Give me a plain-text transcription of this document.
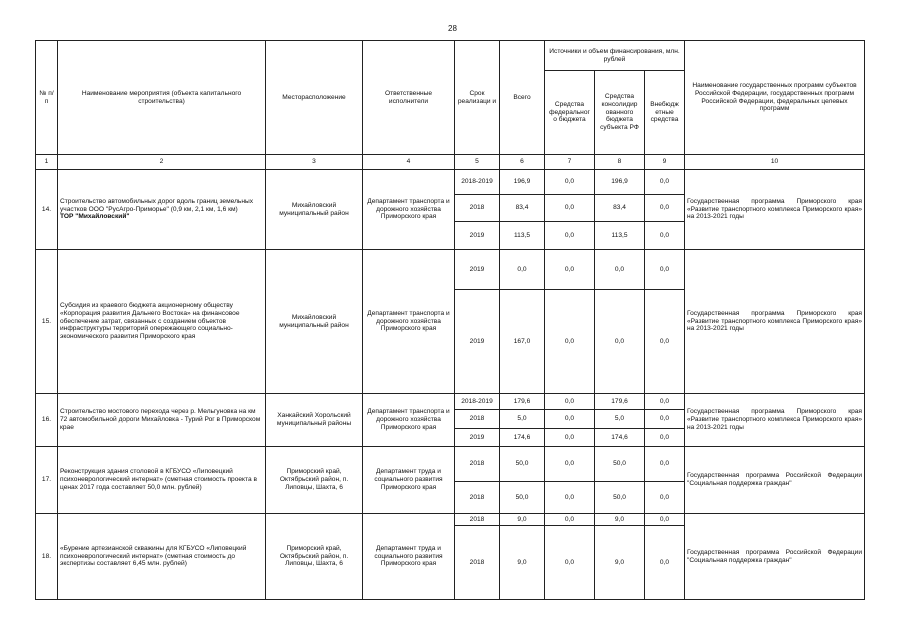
28
№ п/п	Наименование мероприятия (объекта капитального строительства)	Месторасположение	Ответственные исполнители	Срок реализаци и	Всего	Источники и объем финансирования, млн. рублей			Наименование государственных программ субъектов Российской Федерации, государственных программ Российской Федерации, федеральных целевых программ
						Средства федеральног о бюджета	Средства консолидир ованного бюджета субъекта РФ	Внебюдж етные средства	
1	2	3	4	5	6	7	8	9	10
14.	Строительство автомобильных дорог вдоль границ земельных участков ООО "РусАгро-Приморье" (0,9 км, 2,1 км, 1,6 км)
ТОР "Михайловский"	Михайловский муниципальный район	Департамент транспорта и дорожного хозяйства Приморского края	2018-2019	196,9	0,0	196,9	0,0	Государственная программа Приморского края «Развитие транспортного комплекса Приморского края» на 2013-2021 годы
				2018	83,4	0,0	83,4	0,0	
				2019	113,5	0,0	113,5	0,0	
15.	Субсидия из краевого бюджета акционерному обществу «Корпорация развития Дальнего Востока» на финансовое обеспечение затрат, связанных с созданием объектов инфраструктуры территорий опережающего социально-экономического развития Приморского края	Михайловский муниципальный район	Департамент транспорта и дорожного хозяйства Приморского края	2019	0,0	0,0	0,0	0,0	Государственная программа Приморского края «Развитие транспортного комплекса Приморского края» на 2013-2021 годы
				2019	167,0	0,0	0,0	0,0	
16.	Строительство мостового перехода через р. Мельгуновка на км 72 автомобильной дороги Михайловка - Турий Рог в Приморском крае	Ханкайский Хорольский муниципальный районы	Департамент транспорта и дорожного хозяйства Приморского края	2018-2019	179,6	0,0	179,6	0,0	Государственная программа Приморского края «Развитие транспортного комплекса Приморского края» на 2013-2021 годы
				2018	5,0	0,0	5,0	0,0	
				2019	174,6	0,0	174,6	0,0	
17.	Реконструкция здания столовой в КГБУСО «Липовецкий психоневрологический интернат» (сметная стоимость проекта в ценах 2017 года составляет 50,0 млн. рублей)	Приморский край, Октябрьский район, п. Липовцы, Шахта, 6	Департамент труда и социального развития Приморского края	2018	50,0	0,0	50,0	0,0	Государственная программа Российской Федерации "Социальная поддержка граждан"
				2018	50,0	0,0	50,0	0,0	
18.	«Бурение артезианской скважины для КГБУСО «Липовецкий психоневрологический интернат» (сметная стоимость до экспертизы составляет 6,45 млн. рублей)	Приморский край, Октябрьский район, п. Липовцы, Шахта, 6	Департамент труда и социального развития Приморского края	2018	9,0	0,0	9,0	0,0	Государственная программа Российской Федерации "Социальная поддержка граждан"
				2018	9,0	0,0	9,0	0,0	
